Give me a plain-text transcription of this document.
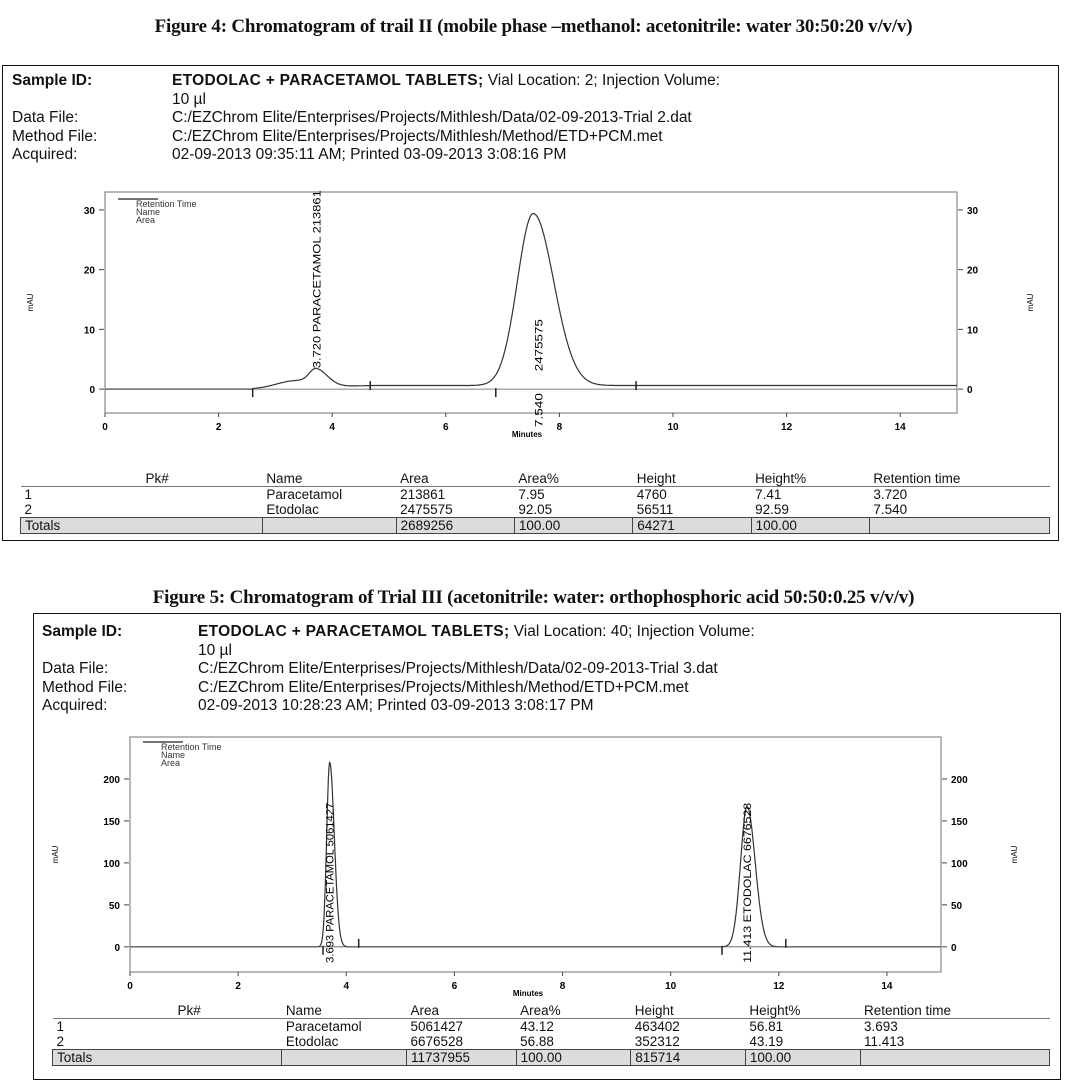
Figure 4: Chromatogram of trail II (mobile phase –methanol: acetonitrile: water 30:50:20 v/v/v)
Sample ID:	ETODOLAC + PARACETAMOL TABLETS; Vial Location: 2; Injection Volume:
10 µl
Data File:	C:/EZChrom Elite/Enterprises/Projects/Mithlesh/Data/02-09-2013-Trial 2.dat
Method File:	C:/EZChrom Elite/Enterprises/Projects/Mithlesh/Method/ETD+PCM.met
Acquired:	02-09-2013 09:35:11 AM; Printed 03-09-2013 3:08:16 PM
0	0
10	10
20	20
30	30
0	2	4	6	8	10	12	14
Minutes
mAU	mAU
Retention Time
Name
Area	3.720 PARACETAMOL 213861	2475575
7.540
Pk#	Name	Area	Area%	Height	Height%	Retention time
1	Paracetamol	213861	7.95	4760	7.41	3.720
2	Etodolac	2475575	92.05	56511	92.59	7.540
Totals		2689256	100.00	64271	100.00	
Figure 5: Chromatogram of Trial III (acetonitrile: water: orthophosphoric acid 50:50:0.25 v/v/v)
Sample ID:	ETODOLAC + PARACETAMOL TABLETS; Vial Location: 40; Injection Volume:
10 µl
Data File:	C:/EZChrom Elite/Enterprises/Projects/Mithlesh/Data/02-09-2013-Trial 3.dat
Method File:	C:/EZChrom Elite/Enterprises/Projects/Mithlesh/Method/ETD+PCM.met
Acquired:	02-09-2013 10:28:23 AM; Printed 03-09-2013 3:08:17 PM
0	0
50	50
100	100
150	150
200	200
0	2	4	6	8	10	12	14
Minutes
mAU	mAU
Retention Time
Name
Area
3.693 PARACETAMOL 5061427	11.413 ETODOLAC 6676528
Pk#	Name	Area	Area%	Height	Height%	Retention time
1	Paracetamol	5061427	43.12	463402	56.81	3.693
2	Etodolac	6676528	56.88	352312	43.19	11.413
Totals		11737955	100.00	815714	100.00	
